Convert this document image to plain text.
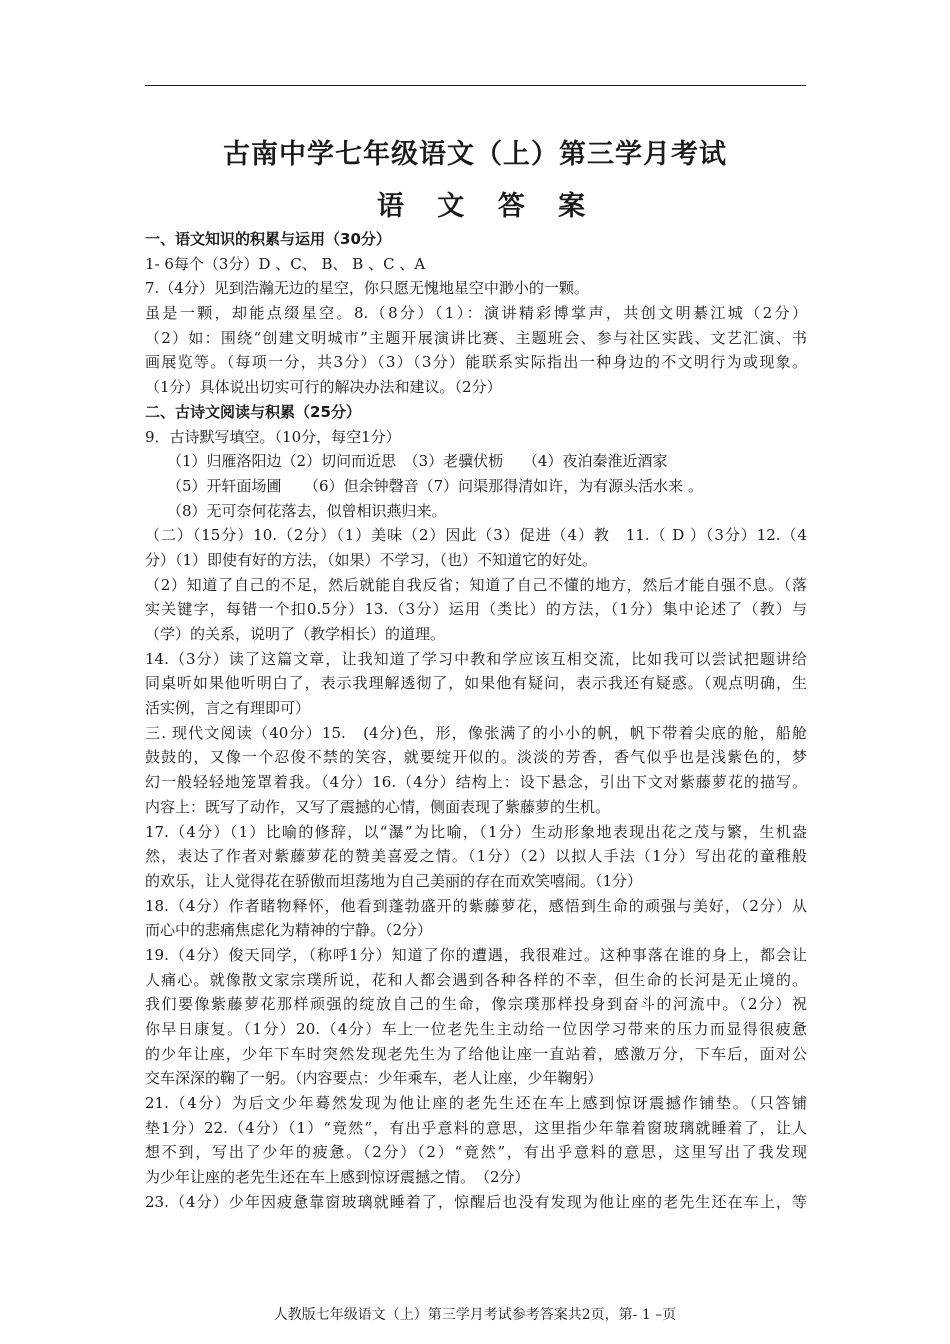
古南中学七年级语文（上）第三学月考试
语 文 答 案
一、语文知识的积累与运用（30分）
1- 6每个（3分）D 、C、 B、 B 、C 、A
7.（4分）见到浩瀚无边的星空，你只愿无愧地星空中渺小的一颗。
虽是一颗，却能点缀星空。8.（8分）（1）：演讲精彩博掌声，共创文明綦江城（2分）
（2）如：围绕“创建文明城市”主题开展演讲比赛、主题班会、参与社区实践、文艺汇演、书
画展览等。（每项一分，共3分）（3）（3分）能联系实际指出一种身边的不文明行为或现象。
（1分）具体说出切实可行的解决办法和建议。（2分）
二、古诗文阅读与积累（25分）
9．古诗默写填空。（10分，每空1分）
（1）归雁洛阳边（2）切问而近思　（3）老骥伏枥　 （4）夜泊秦淮近酒家
（5）开轩面场圃　　（6）但余钟磬音（7）问渠那得清如许，为有源头活水来 。
（8）无可奈何花落去，似曾相识燕归来。
（二）（15分）10.（2分）（1）美味（2）因此（3）促进（4）教　11.（ D ）（3分）12.（4
分）（1）即使有好的方法，（如果）不学习，（也）不知道它的好处。
（2）知道了自己的不足，然后就能自我反省；知道了自己不懂的地方，然后才能自强不息。（落
实关键字，每错一个扣0.5分）13.（3分）运用（类比）的方法，（1分）集中论述了（教）与
（学）的关系，说明了（教学相长）的道理。
14.（3分）读了这篇文章，让我知道了学习中教和学应该互相交流，比如我可以尝试把题讲给
同桌听如果他听明白了，表示我理解透彻了，如果他有疑问，表示我还有疑惑。（观点明确，生
活实例，言之有理即可）
三. 现代文阅读（40分）15.　(4分)色，形，像张满了的小小的帆，帆下带着尖底的舱，船舱
鼓鼓的，又像一个忍俊不禁的笑容，就要绽开似的。淡淡的芳香，香气似乎也是浅紫色的，梦
幻一般轻轻地笼罩着我。（4分）16.（4分）结构上：设下悬念，引出下文对紫藤萝花的描写。
内容上：既写了动作，又写了震撼的心情，侧面表现了紫藤萝的生机。
17.（4分）（1）比喻的修辞，以“瀑”为比喻，（1分）生动形象地表现出花之茂与繁，生机盎
然，表达了作者对紫藤萝花的赞美喜爱之情。（1分）（2）以拟人手法（1分）写出花的童稚般
的欢乐，让人觉得花在骄傲而坦荡地为自己美丽的存在而欢笑嘻闹。（1分）
18.（4分）作者睹物释怀，他看到蓬勃盛开的紫藤萝花，感悟到生命的顽强与美好，（2分）从
而心中的悲痛焦虑化为精神的宁静。（2分）
19.（4分）俊天同学，（称呼1分）知道了你的遭遇，我很难过。这种事落在谁的身上，都会让
人痛心。就像散文家宗璞所说，花和人都会遇到各种各样的不幸，但生命的长河是无止境的。
我们要像紫藤萝花那样顽强的绽放自己的生命，像宗璞那样投身到奋斗的河流中。（2分）祝
你早日康复。（1分）20.（4分）车上一位老先生主动给一位因学习带来的压力而显得很疲惫
的少年让座，少年下车时突然发现老先生为了给他让座一直站着，感激万分，下车后，面对公
交车深深的鞠了一躬。（内容要点：少年乘车，老人让座，少年鞠躬）
21.（4分）为后文少年蓦然发现为他让座的老先生还在车上感到惊讶震撼作铺垫。（只答铺
垫1分）22.（4分）（1）“竟然”，有出乎意料的意思，这里指少年靠着窗玻璃就睡着了，让人
想不到，写出了少年的疲惫。（2分）（2）“竟然”，有出乎意料的意思，这里写出了我发现
为少年让座的老先生还在车上感到惊讶震撼之情。　（2分）
23.（4分）少年因疲惫靠窗玻璃就睡着了，惊醒后也没有发现为他让座的老先生还在车上，等
人教版七年级语文（上）第三学月考试参考答案共2页，第- 1 –页
